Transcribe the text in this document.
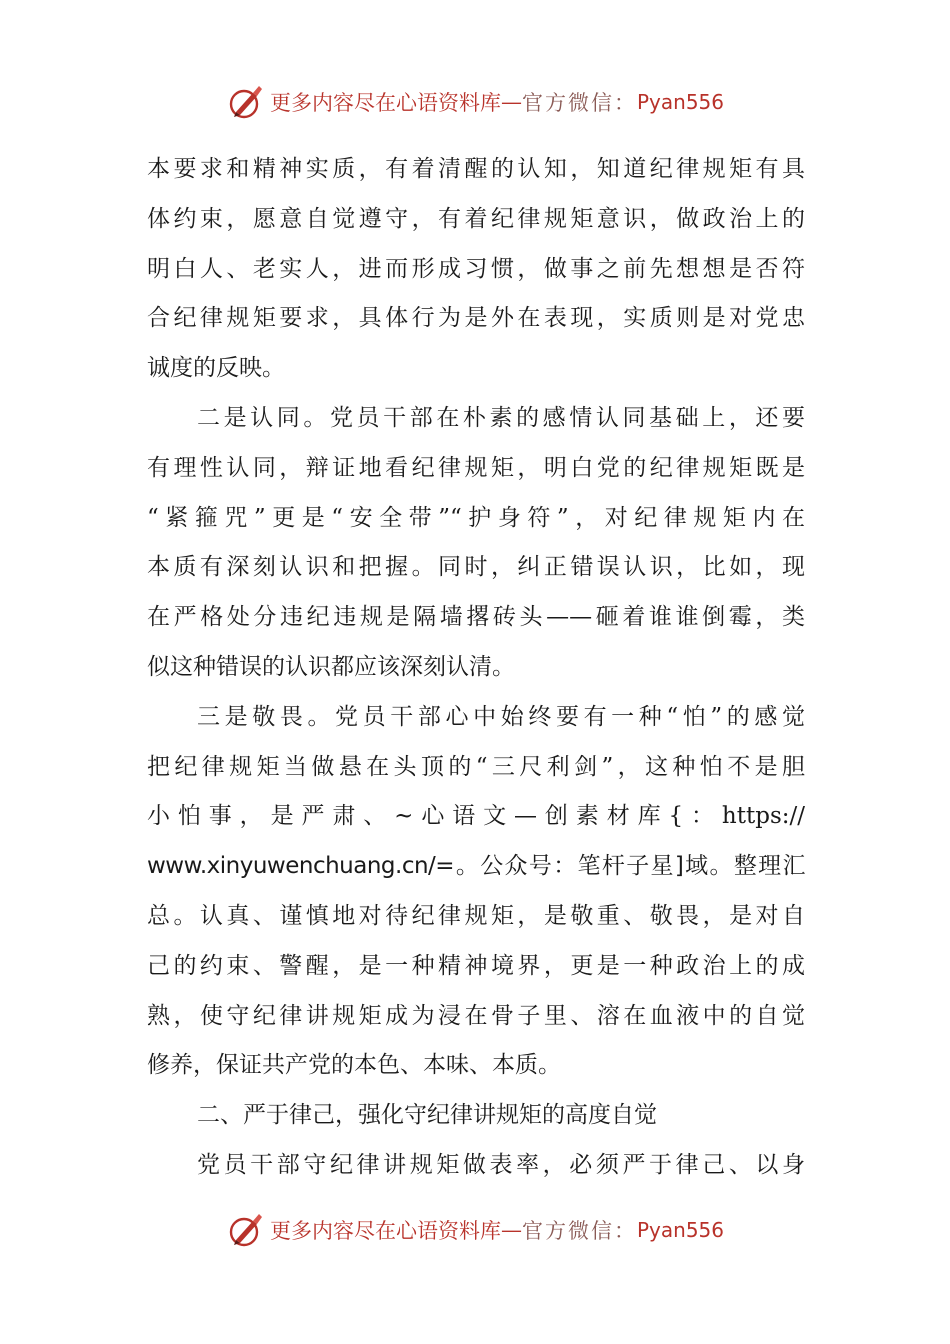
更多内容尽在心语资料库 — 官方微信： Pyan556
本要求和精神实质，有着清醒的认知，知道纪律规矩有具
体约束，愿意自觉遵守，有着纪律规矩意识，做政治上的
明白人、老实人，进而形成习惯，做事之前先想想是否符
合纪律规矩要求，具体行为是外在表现，实质则是对党忠
诚度的反映。
二是认同。党员干部在朴素的感情认同基础上，还要
有理性认同，辩证地看纪律规矩，明白党的纪律规矩既是
“紧箍咒”更是“安全带”“护身符”，对纪律规矩内在
本质有深刻认识和把握。同时，纠正错误认识，比如，现
在严格处分违纪违规是隔墙撂砖头——砸着谁谁倒霉，类
似这种错误的认识都应该深刻认清。
三是敬畏。党员干部心中始终要有一种“怕”的感觉
把纪律规矩当做悬在头顶的“三尺利剑”，这种怕不是胆
小怕事，是严肃、~心语文—创素材库{：https://
www.xinyuwenchuang.cn/=。公众号：笔杆子星]域。整理汇
总。认真、谨慎地对待纪律规矩，是敬重、敬畏，是对自
己的约束、警醒，是一种精神境界，更是一种政治上的成
熟，使守纪律讲规矩成为浸在骨子里、溶在血液中的自觉
修养，保证共产党的本色、本味、本质。
二、严于律己，强化守纪律讲规矩的高度自觉
党员干部守纪律讲规矩做表率，必须严于律己、以身
更多内容尽在心语资料库 — 官方微信： Pyan556
